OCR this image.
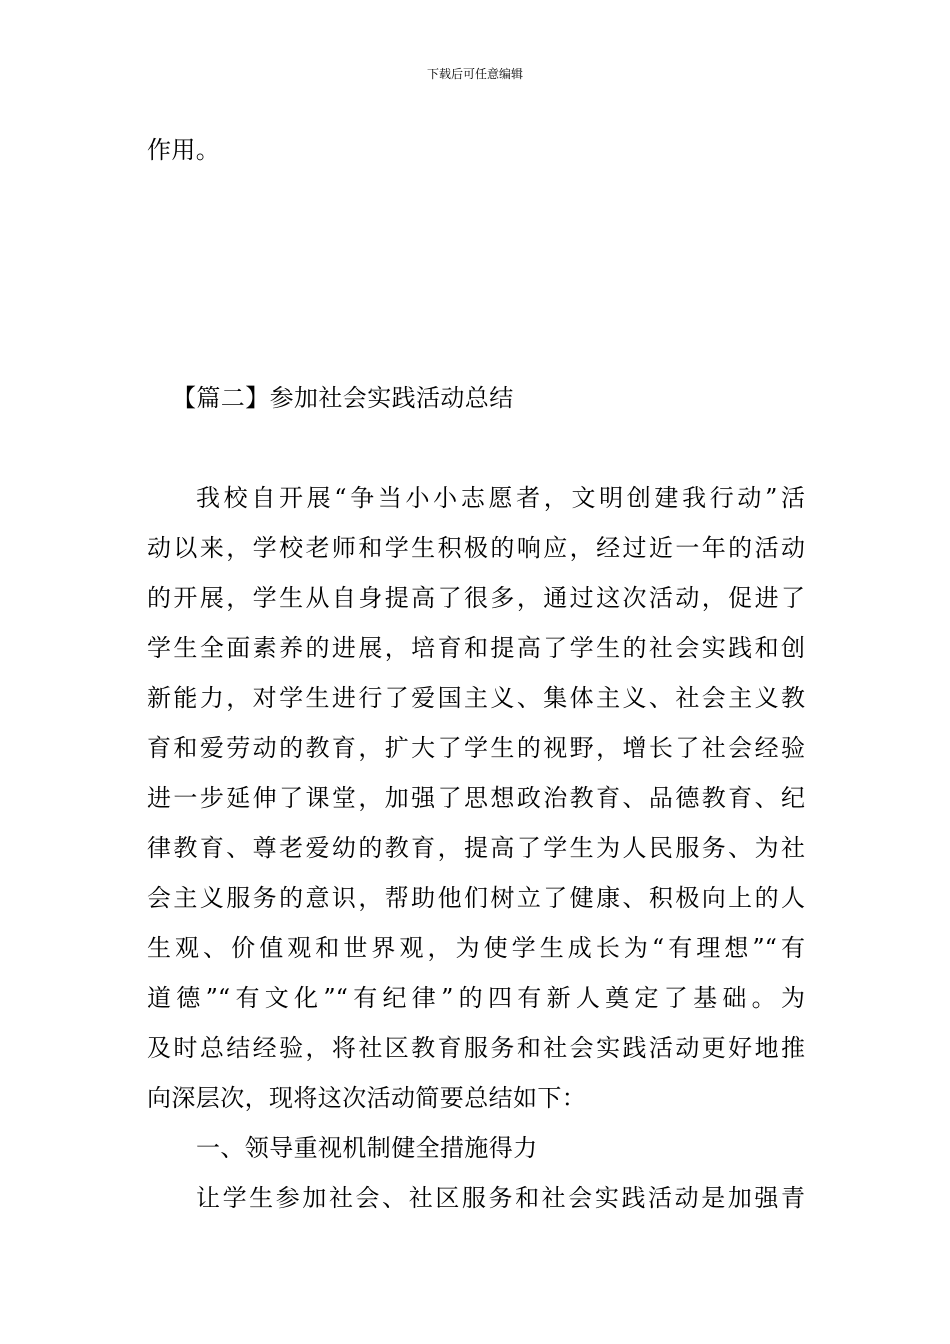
下载后可任意编辑
作用。
【篇二】参加社会实践活动总结
我校自开展“争当小小志愿者，文明创建我行动”活
动以来，学校老师和学生积极的响应，经过近一年的活动
的开展，学生从自身提高了很多，通过这次活动，促进了
学生全面素养的进展，培育和提高了学生的社会实践和创
新能力，对学生进行了爱国主义、集体主义、社会主义教
育和爱劳动的教育，扩大了学生的视野，增长了社会经验
进一步延伸了课堂，加强了思想政治教育、品德教育、纪
律教育、尊老爱幼的教育，提高了学生为人民服务、为社
会主义服务的意识，帮助他们树立了健康、积极向上的人
生观、价值观和世界观，为使学生成长为“有理想”“有
道德”“有文化”“有纪律”的四有新人奠定了基础。为
及时总结经验，将社区教育服务和社会实践活动更好地推
向深层次，现将这次活动简要总结如下：
一、领导重视机制健全措施得力
让学生参加社会、社区服务和社会实践活动是加强青
